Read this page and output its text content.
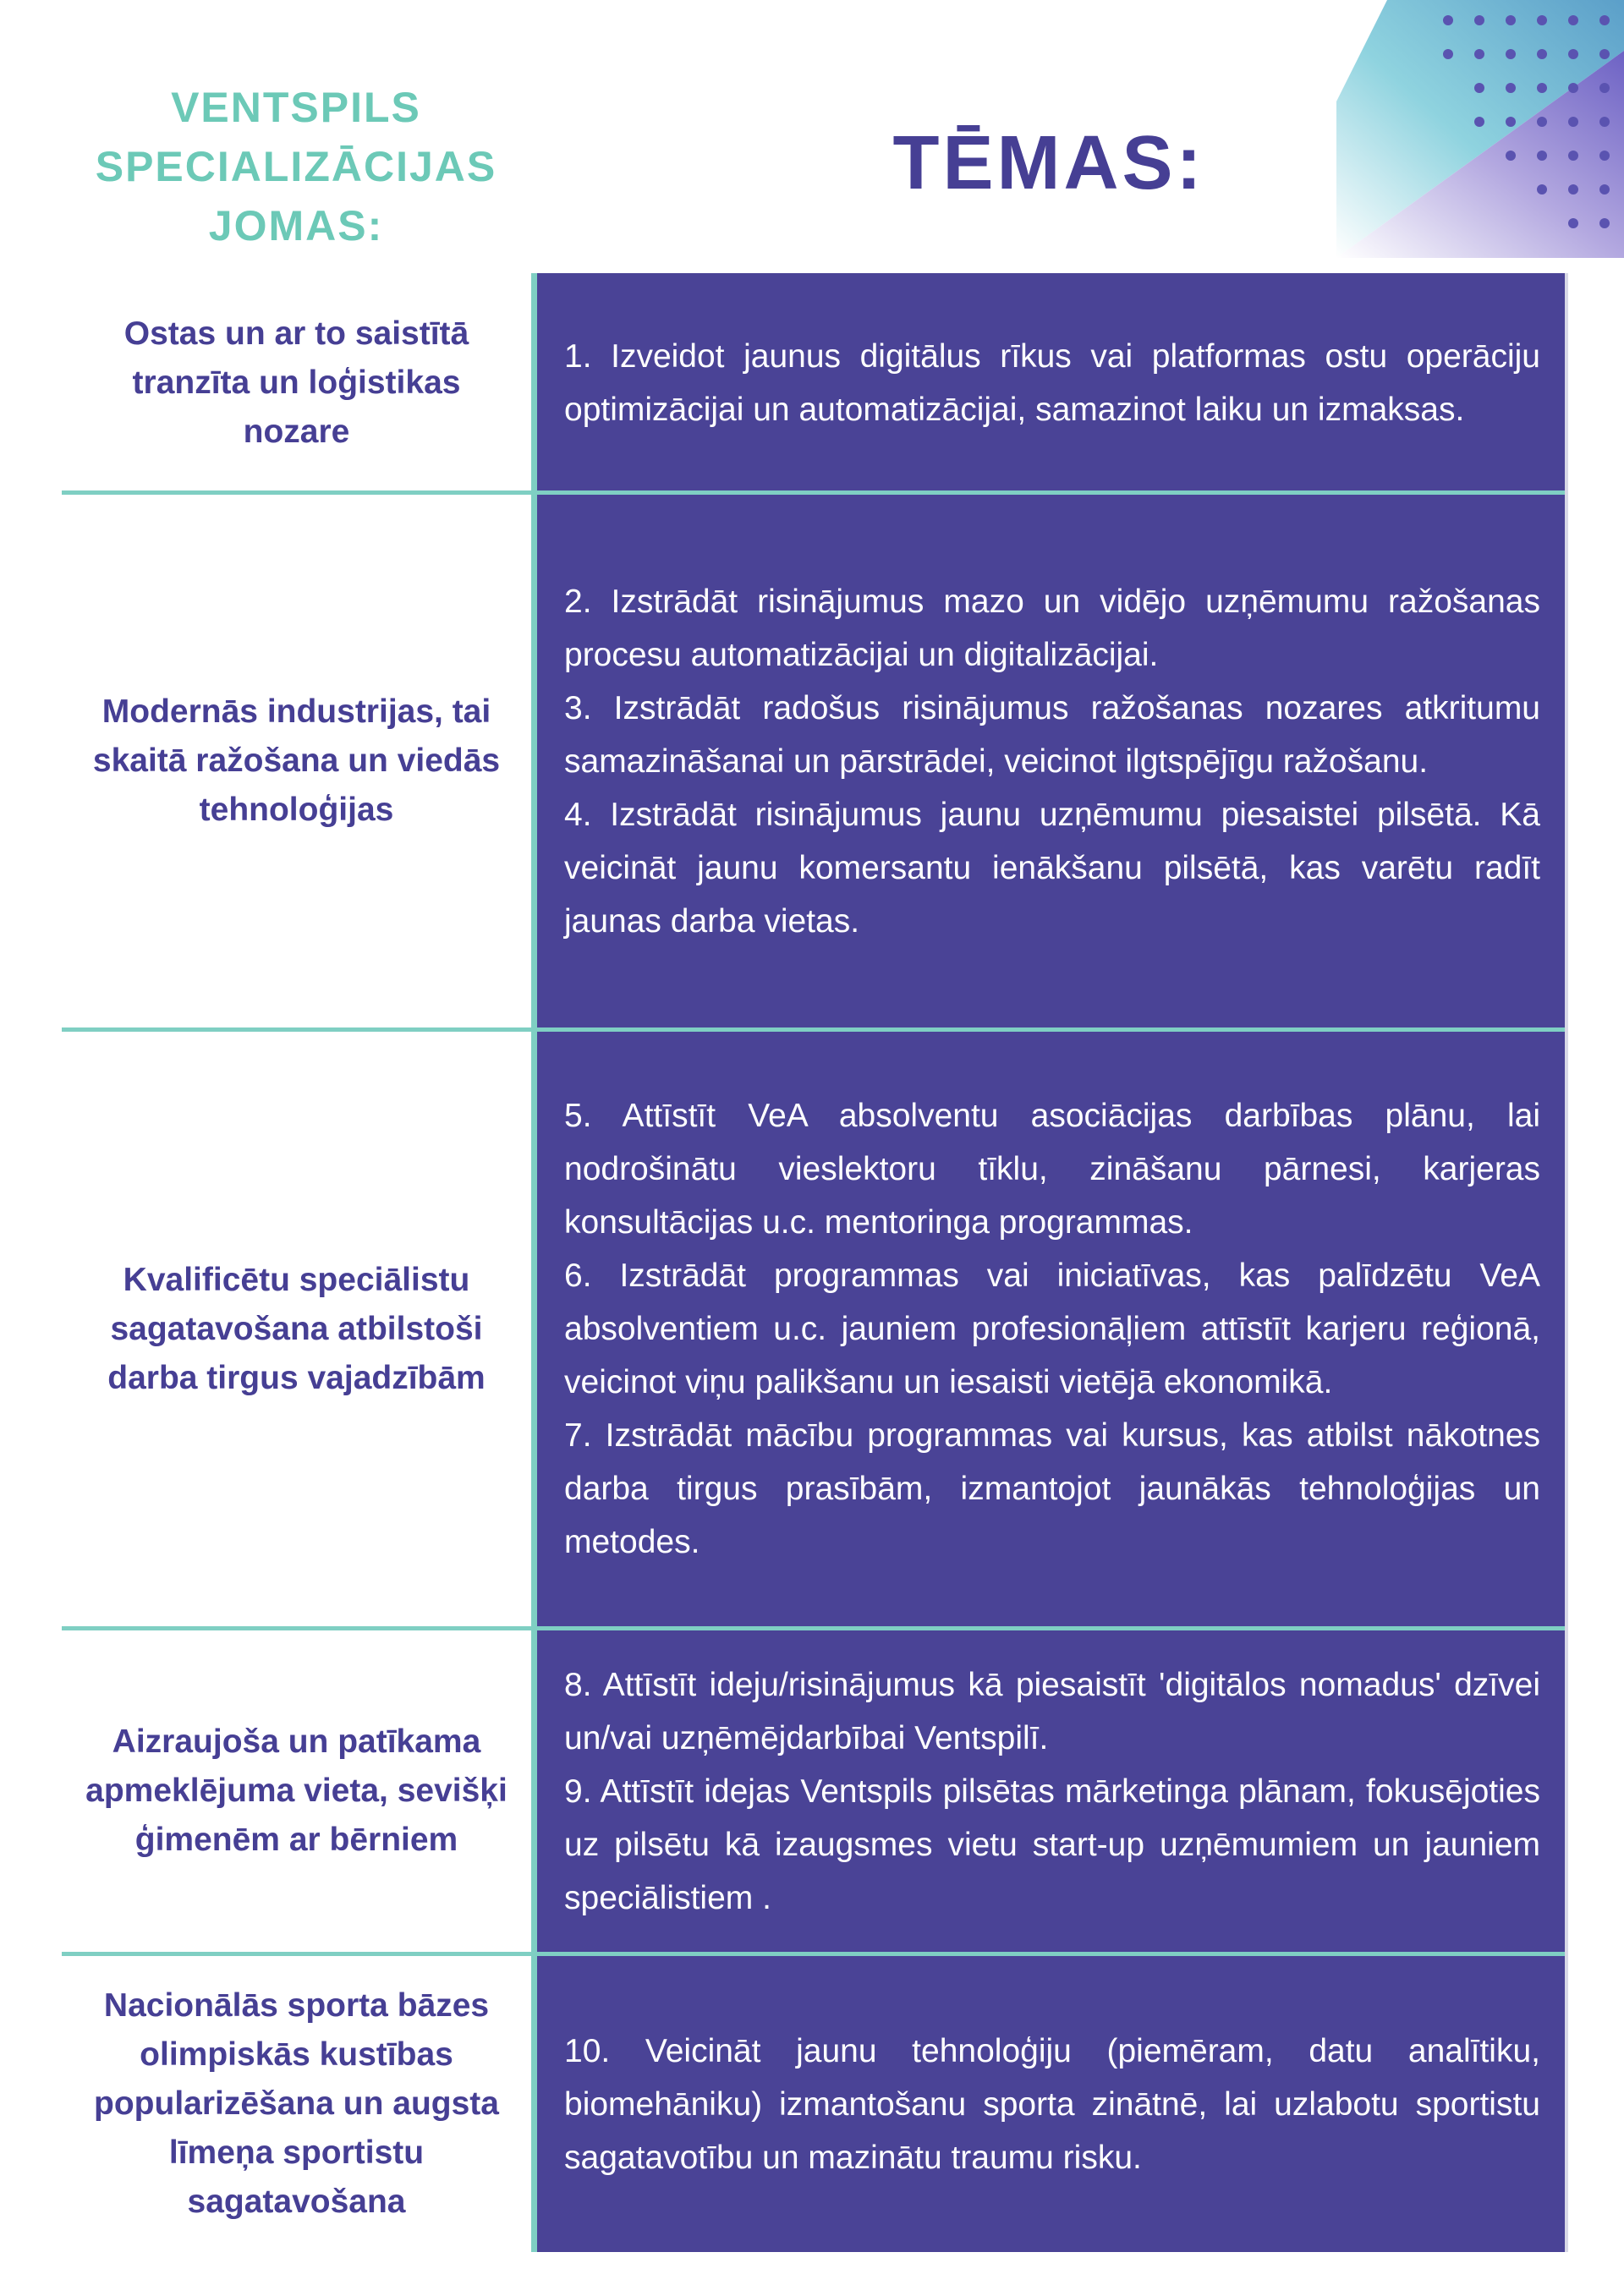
VENTSPILS
SPECIALIZĀCIJAS
JOMAS:
TĒMAS:
Ostas un ar to saistītā tranzīta un loģistikas nozare

1. Izveidot jaunus digitālus rīkus vai platformas ostu operāciju optimizācijai un automatizācijai, samazinot laiku un izmaksas.

Modernās industrijas, tai skaitā ražošana un viedās tehnoloģijas

2. Izstrādāt risinājumus mazo un vidējo uzņēmumu ražošanas procesu automatizācijai un digitalizācijai.

3. Izstrādāt radošus risinājumus ražošanas nozares atkritumu samazināšanai un pārstrādei, veicinot ilgtspējīgu ražošanu.

4. Izstrādāt risinājumus jaunu uzņēmumu piesaistei pilsētā. Kā veicināt jaunu komersantu ienākšanu pilsētā, kas varētu radīt jaunas darba vietas.

Kvalificētu speciālistu sagatavošana atbilstoši darba tirgus vajadzībām

5. Attīstīt VeA absolventu asociācijas darbības plānu, lai nodrošinātu vieslektoru tīklu, zināšanu pārnesi, karjeras konsultācijas u.c. mentoringa programmas.

6. Izstrādāt programmas vai iniciatīvas, kas palīdzētu VeA absolventiem u.c. jauniem profesionāļiem attīstīt karjeru reģionā, veicinot viņu palikšanu un iesaisti vietējā ekonomikā.

7. Izstrādāt mācību programmas vai kursus, kas atbilst nākotnes darba tirgus prasībām, izmantojot jaunākās tehnoloģijas un metodes.

Aizraujoša un patīkama apmeklējuma vieta, sevišķi ģimenēm ar bērniem

8. Attīstīt ideju/risinājumus kā piesaistīt 'digitālos nomadus' dzīvei un/vai uzņēmējdarbībai Ventspilī.

9. Attīstīt idejas Ventspils pilsētas mārketinga plānam, fokusējoties uz pilsētu kā izaugsmes vietu start-up uzņēmumiem un jauniem speciālistiem .

Nacionālās sporta bāzes olimpiskās kustības popularizēšana un augsta līmeņa sportistu sagatavošana

10. Veicināt jaunu tehnoloģiju (piemēram, datu analītiku, biomehāniku) izmantošanu sporta zinātnē, lai uzlabotu sportistu sagatavotību un mazinātu traumu risku.
